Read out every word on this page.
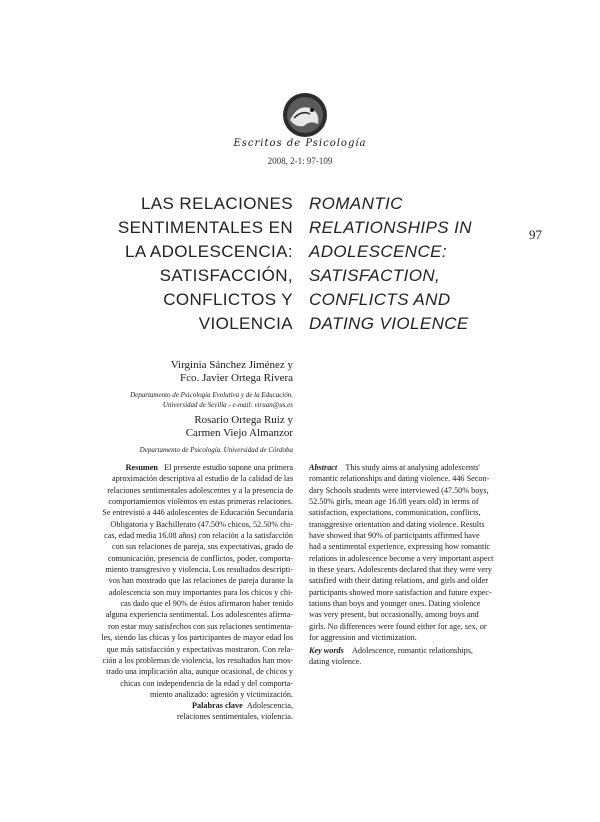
Escritos de Psicología
2008, 2-1: 97-109
97
LAS RELACIONES
SENTIMENTALES EN
LA ADOLESCENCIA:
SATISFACCIÓN,
CONFLICTOS Y
VIOLENCIA
ROMANTIC
RELATIONSHIPS IN
ADOLESCENCE:
SATISFACTION,
CONFLICTS AND
DATING VIOLENCE
Virginia Sánchez Jiménez y
Fco. Javier Ortega Rivera
Departamento de Psicología Evolutiva y de la Educación.
Universidad de Sevilla - e-mail: viruan@us.es
Rosario Ortega Ruiz y
Carmen Viejo Almanzor
Departamento de Psicología. Universidad de Córdoba
Resumen El presente estudio supone una primera
aproximación descriptiva al estudio de la calidad de las
relaciones sentimentales adolescentes y a la presencia de
comportamientos violentos en estas primeras relaciones.
Se entrevistó a 446 adolescentes de Educación Secundaria
Obligatoria y Bachillerato (47.50% chicos, 52.50% chi-
cas, edad media 16.08 años) con relación a la satisfacción
con sus relaciones de pareja, sus expectativas, grado de
comunicación, presencia de conflictos, poder, comporta-
miento transgresivo y violencia. Los resultados descripti-
vos han mostrado que las relaciones de pareja durante la
adolescencia son muy importantes para los chicos y chi-
cas dado que el 90% de éstos afirmaron haber tenido
alguna experiencia sentimental. Los adolescentes afirma-
ron estar muy satisfechos con sus relaciones sentimenta-
les, siendo las chicas y los participantes de mayor edad los
que más satisfacción y expectativas mostraron. Con rela-
ción a los problemas de violencia, los resultados han mos-
trado una implicación alta, aunque ocasional, de chicos y
chicas con independencia de la edad y del comporta-
miento analizado: agresión y victimización.
Palabras clave Adolescencia,
relaciones sentimentales, violencia.
Abstract This study aims at analysing adolescents'
romantic relationships and dating violence. 446 Secon-
dary Schools students were interviewed (47.50% boys,
52.50% girls, mean age 16.08 years old) in terms of
satisfaction, expectations, communication, conflicts,
transggresive orientation and dating violence. Results
have showed that 90% of participants affirmed have
had a sentimental experience, expressing how romantic
relations in adolescence become a very important aspect
in these years. Adolescents declared that they were very
satisfied with their dating relations, and girls and older
participants showed more satisfaction and future expec-
tations than boys and younger ones. Dating violence
was very present, but occasionally, among boys and
girls. No differences were found either for age, sex, or
for aggression and victimization.
Key words Adolescence, romantic relationships,
dating violence.
